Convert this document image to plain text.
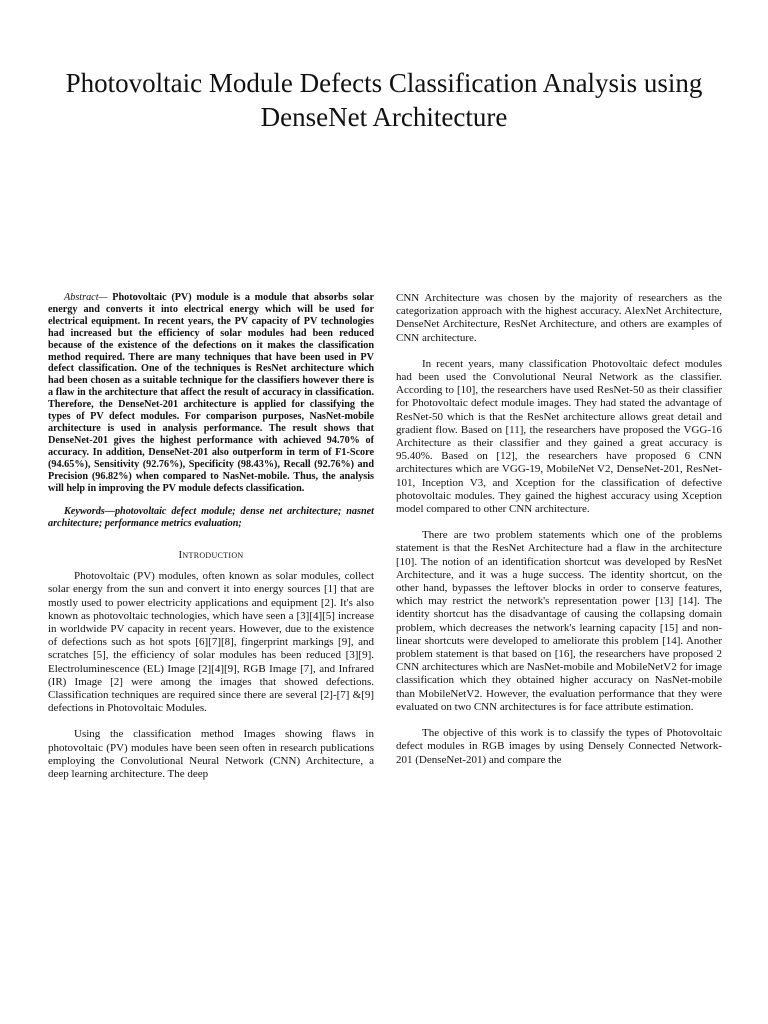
Photovoltaic Module Defects Classification Analysis using DenseNet Architecture

Abstract— Photovoltaic (PV) module is a module that absorbs solar energy and converts it into electrical energy which will be used for electrical equipment. In recent years, the PV capacity of PV technologies had increased but the efficiency of solar modules had been reduced because of the existence of the defections on it makes the classification method required. There are many techniques that have been used in PV defect classification. One of the techniques is ResNet architecture which had been chosen as a suitable technique for the classifiers however there is a flaw in the architecture that affect the result of accuracy in classification. Therefore, the DenseNet-201 architecture is applied for classifying the types of PV defect modules. For comparison purposes, NasNet-mobile architecture is used in analysis performance. The result shows that DenseNet-201 gives the highest performance with achieved 94.70% of accuracy. In addition, DenseNet-201 also outperform in term of F1-Score (94.65%), Sensitivity (92.76%), Specificity (98.43%), Recall (92.76%) and Precision (96.82%) when compared to NasNet-mobile. Thus, the analysis will help in improving the PV module defects classification.

Keywords—photovoltaic defect module; dense net architecture; nasnet architecture; performance metrics evaluation;

Introduction

Photovoltaic (PV) modules, often known as solar modules, collect solar energy from the sun and convert it into energy sources [1] that are mostly used to power electricity applications and equipment [2]. It's also known as photovoltaic technologies, which have seen a [3][4][5] increase in worldwide PV capacity in recent years. However, due to the existence of defections such as hot spots [6][7][8], fingerprint markings [9], and scratches [5], the efficiency of solar modules has been reduced [3][9]. Electroluminescence (EL) Image [2][4][9], RGB Image [7], and Infrared (IR) Image [2] were among the images that showed defections. Classification techniques are required since there are several [2]-[7] &[9] defections in Photovoltaic Modules.

Using the classification method Images showing flaws in photovoltaic (PV) modules have been seen often in research publications employing the Convolutional Neural Network (CNN) Architecture, a deep learning architecture. The deep

CNN Architecture was chosen by the majority of researchers as the categorization approach with the highest accuracy. AlexNet Architecture, DenseNet Architecture, ResNet Architecture, and others are examples of CNN architecture.

In recent years, many classification Photovoltaic defect modules had been used the Convolutional Neural Network as the classifier. According to [10], the researchers have used ResNet-50 as their classifier for Photovoltaic defect module images. They had stated the advantage of ResNet-50 which is that the ResNet architecture allows great detail and gradient flow. Based on [11], the researchers have proposed the VGG-16 Architecture as their classifier and they gained a great accuracy is 95.40%. Based on [12], the researchers have proposed 6 CNN architectures which are VGG-19, MobileNet V2, DenseNet-201, ResNet-101, Inception V3, and Xception for the classification of defective photovoltaic modules. They gained the highest accuracy using Xception model compared to other CNN architecture.

There are two problem statements which one of the problems statement is that the ResNet Architecture had a flaw in the architecture [10]. The notion of an identification shortcut was developed by ResNet Architecture, and it was a huge success. The identity shortcut, on the other hand, bypasses the leftover blocks in order to conserve features, which may restrict the network's representation power [13] [14]. The identity shortcut has the disadvantage of causing the collapsing domain problem, which decreases the network's learning capacity [15] and non-linear shortcuts were developed to ameliorate this problem [14]. Another problem statement is that based on [16], the researchers have proposed 2 CNN architectures which are NasNet-mobile and MobileNetV2 for image classification which they obtained higher accuracy on NasNet-mobile than MobileNetV2. However, the evaluation performance that they were evaluated on two CNN architectures is for face attribute estimation.

The objective of this work is to classify the types of Photovoltaic defect modules in RGB images by using Densely Connected Network-201 (DenseNet-201) and compare the
